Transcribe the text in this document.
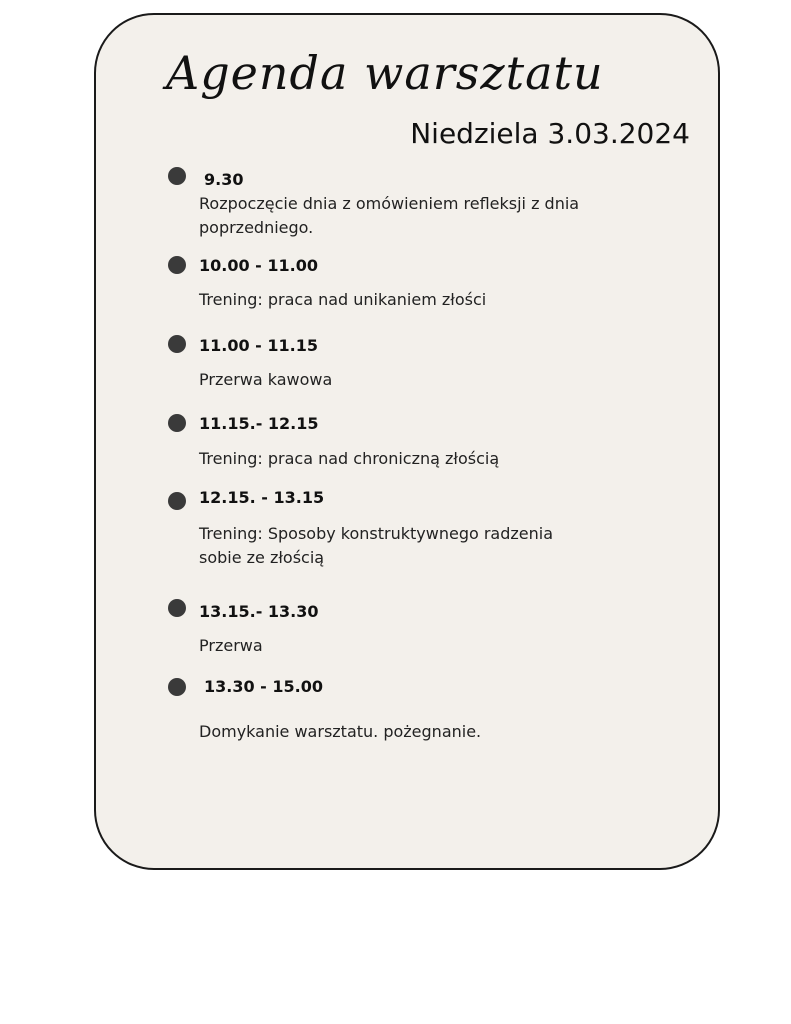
Agenda warsztatu
Niedziela 3.03.2024
9.30
Rozpoczęcie dnia z omówieniem refleksji z dnia poprzedniego.
10.00 - 11.00
Trening: praca nad unikaniem złości
11.00 - 11.15
Przerwa kawowa
11.15.- 12.15
Trening: praca nad chroniczną złością
12.15. - 13.15
Trening: Sposoby konstruktywnego radzenia sobie ze złością
13.15.- 13.30
Przerwa
13.30 - 15.00
Domykanie warsztatu. pożegnanie.
